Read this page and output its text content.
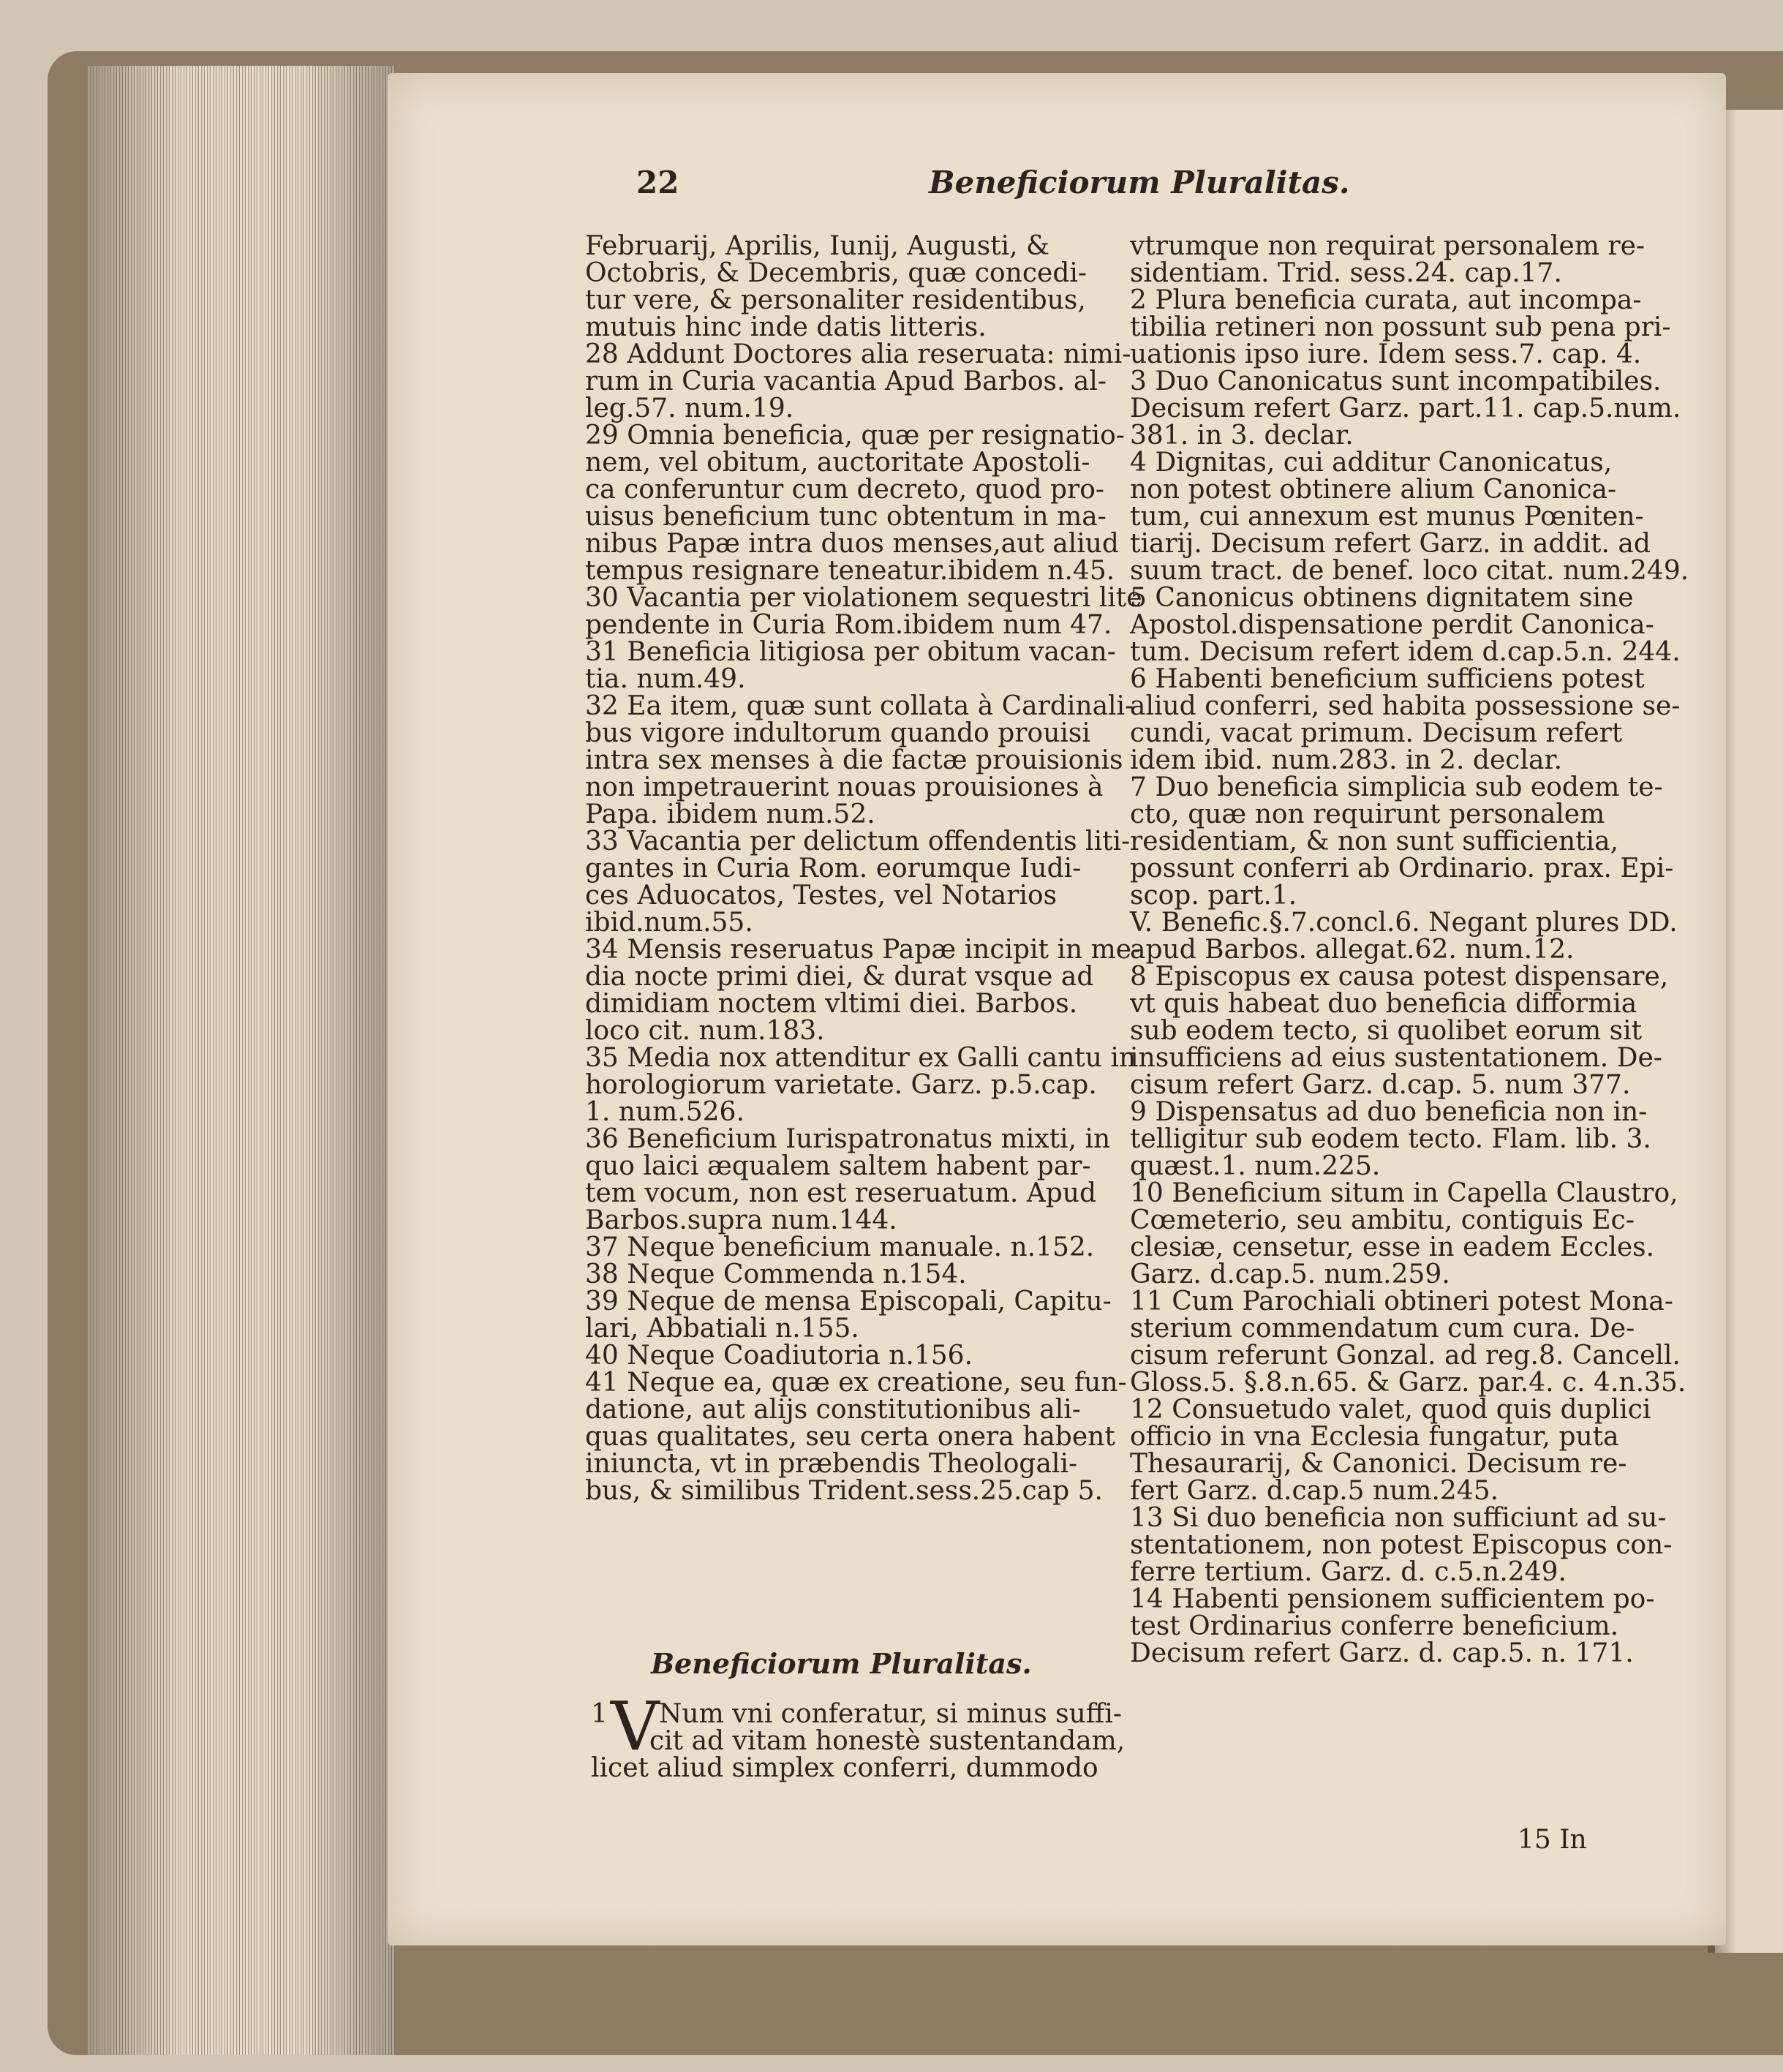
22	Beneficiorum Pluralitas.
Februarij, Aprilis, Iunij, Augusti, &
Octobris, & Decembris, quæ concedi-
tur vere, & personaliter residentibus,
mutuis hinc inde datis litteris.
28 Addunt Doctores alia reseruata: nimi-
rum in Curia vacantia Apud Barbos. al-
leg.57. num.19.
29 Omnia beneficia, quæ per resignatio-
nem, vel obitum, auctoritate Apostoli-
ca conferuntur cum decreto, quod pro-
uisus beneficium tunc obtentum in ma-
nibus Papæ intra duos menses,aut aliud
tempus resignare teneatur.ibidem n.45.
30 Vacantia per violationem sequestri lite
pendente in Curia Rom.ibidem num 47.
31 Beneficia litigiosa per obitum vacan-
tia. num.49.
32 Ea item, quæ sunt collata à Cardinali-
bus vigore indultorum quando prouisi
intra sex menses à die factæ prouisionis
non impetrauerint nouas prouisiones à
Papa. ibidem num.52.
33 Vacantia per delictum offendentis liti-
gantes in Curia Rom. eorumque Iudi-
ces Aduocatos, Testes, vel Notarios
ibid.num.55.
34 Mensis reseruatus Papæ incipit in me-
dia nocte primi diei, & durat vsque ad
dimidiam noctem vltimi diei. Barbos.
loco cit. num.183.
35 Media nox attenditur ex Galli cantu in
horologiorum varietate. Garz. p.5.cap.
1. num.526.
36 Beneficium Iurispatronatus mixti, in
quo laici æqualem saltem habent par-
tem vocum, non est reseruatum. Apud
Barbos.supra num.144.
37 Neque beneficium manuale. n.152.
38 Neque Commenda n.154.
39 Neque de mensa Episcopali, Capitu-
lari, Abbatiali n.155.
40 Neque Coadiutoria n.156.
41 Neque ea, quæ ex creatione, seu fun-
datione, aut alijs constitutionibus ali-
quas qualitates, seu certa onera habent
iniuncta, vt in præbendis Theologali-
bus, & similibus Trident.sess.25.cap 5.
Beneficiorum Pluralitas.
1 Num vni conferatur, si minus suffi-
cit ad vitam honestè sustentandam,
licet aliud simplex conferri, dummodo
V
vtrumque non requirat personalem re-
sidentiam. Trid. sess.24. cap.17.
2 Plura beneficia curata, aut incompa-
tibilia retineri non possunt sub pena pri-
uationis ipso iure. Idem sess.7. cap. 4.
3 Duo Canonicatus sunt incompatibiles.
Decisum refert Garz. part.11. cap.5.num.
381. in 3. declar.
4 Dignitas, cui additur Canonicatus,
non potest obtinere alium Canonica-
tum, cui annexum est munus Pœniten-
tiarij. Decisum refert Garz. in addit. ad
suum tract. de benef. loco citat. num.249.
5 Canonicus obtinens dignitatem sine
Apostol.dispensatione perdit Canonica-
tum. Decisum refert idem d.cap.5.n. 244.
6 Habenti beneficium sufficiens potest
aliud conferri, sed habita possessione se-
cundi, vacat primum. Decisum refert
idem ibid. num.283. in 2. declar.
7 Duo beneficia simplicia sub eodem te-
cto, quæ non requirunt personalem
residentiam, & non sunt sufficientia,
possunt conferri ab Ordinario. prax. Epi-
scop. part.1.
V. Benefic.§.7.concl.6. Negant plures DD.
apud Barbos. allegat.62. num.12.
8 Episcopus ex causa potest dispensare,
vt quis habeat duo beneficia difformia
sub eodem tecto, si quolibet eorum sit
insufficiens ad eius sustentationem. De-
cisum refert Garz. d.cap. 5. num 377.
9 Dispensatus ad duo beneficia non in-
telligitur sub eodem tecto. Flam. lib. 3.
quæst.1. num.225.
10 Beneficium situm in Capella Claustro,
Cœmeterio, seu ambitu, contiguis Ec-
clesiæ, censetur, esse in eadem Eccles.
Garz. d.cap.5. num.259.
11 Cum Parochiali obtineri potest Mona-
sterium commendatum cum cura. De-
cisum referunt Gonzal. ad reg.8. Cancell.
Gloss.5. §.8.n.65. & Garz. par.4. c. 4.n.35.
12 Consuetudo valet, quod quis duplici
officio in vna Ecclesia fungatur, puta
Thesaurarij, & Canonici. Decisum re-
fert Garz. d.cap.5 num.245.
13 Si duo beneficia non sufficiunt ad su-
stentationem, non potest Episcopus con-
ferre tertium. Garz. d. c.5.n.249.
14 Habenti pensionem sufficientem po-
test Ordinarius conferre beneficium.
Decisum refert Garz. d. cap.5. n. 171.
15 In
